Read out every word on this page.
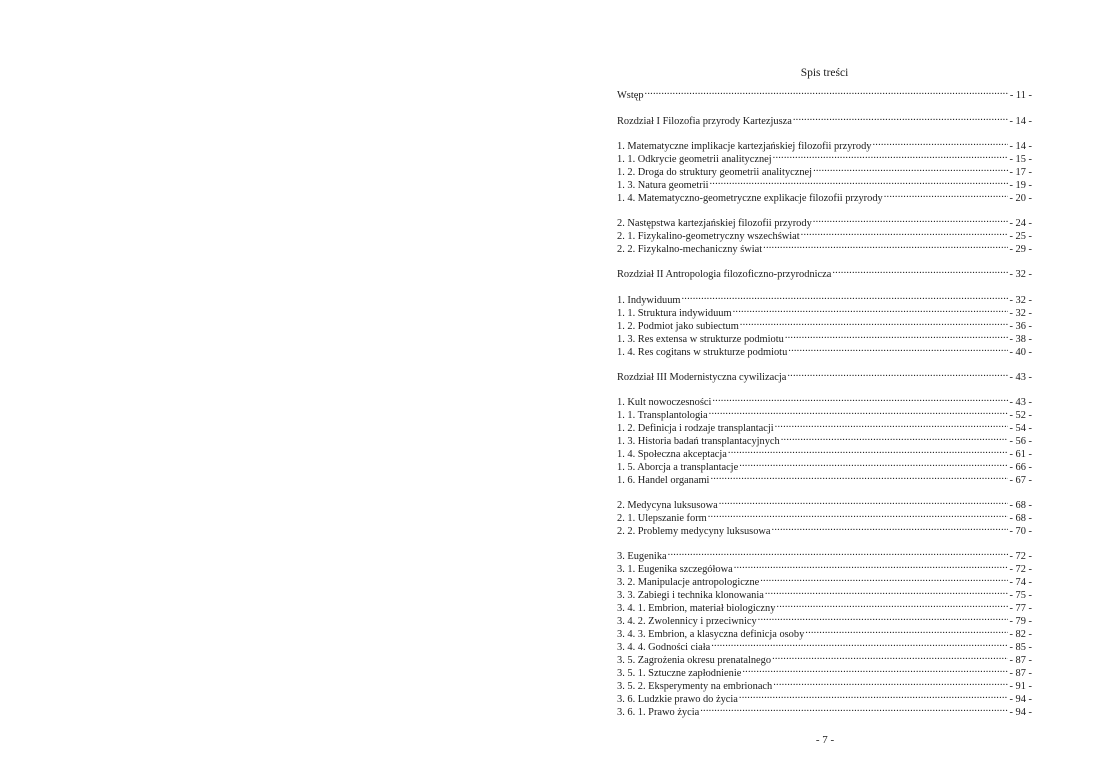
Spis treści
Wstęp .....	- 11 -
Rozdział I Filozofia przyrody Kartezjusza .....	- 14 -
1. Matematyczne implikacje kartezjańskiej filozofii przyrody .....	- 14 -
1. 1. Odkrycie geometrii analitycznej .....	- 15 -
1. 2. Droga do struktury geometrii analitycznej .....	- 17 -
1. 3. Natura geometrii .....	- 19 -
1. 4. Matematyczno-geometryczne explikacje filozofii przyrody .....	- 20 -
2. Następstwa kartezjańskiej filozofii przyrody .....	- 24 -
2. 1. Fizykalino-geometryczny wszechświat .....	- 25 -
2. 2. Fizykalno-mechaniczny świat .....	- 29 -
Rozdział II Antropologia filozoficzno-przyrodnicza .....	- 32 -
1. Indywiduum .....	- 32 -
1. 1. Struktura indywiduum .....	- 32 -
1. 2. Podmiot jako subiectum .....	- 36 -
1. 3. Res extensa w strukturze podmiotu .....	- 38 -
1. 4. Res cogitans w strukturze podmiotu .....	- 40 -
Rozdział III Modernistyczna cywilizacja .....	- 43 -
1. Kult nowoczesności .....	- 43 -
1. 1. Transplantologia .....	- 52 -
1. 2. Definicja i rodzaje transplantacji .....	- 54 -
1. 3. Historia badań transplantacyjnych .....	- 56 -
1. 4. Społeczna akceptacja .....	- 61 -
1. 5. Aborcja a transplantacje .....	- 66 -
1. 6. Handel organami .....	- 67 -
2. Medycyna luksusowa .....	- 68 -
2. 1. Ulepszanie form .....	- 68 -
2. 2. Problemy medycyny luksusowa .....	- 70 -
3. Eugenika .....	- 72 -
3. 1. Eugenika szczegółowa .....	- 72 -
3. 2. Manipulacje antropologiczne .....	- 74 -
3. 3. Zabiegi i technika klonowania .....	- 75 -
3. 4. 1. Embrion, materiał biologiczny .....	- 77 -
3. 4. 2. Zwolennicy i przeciwnicy .....	- 79 -
3. 4. 3. Embrion, a klasyczna definicja osoby .....	- 82 -
3. 4. 4. Godności ciała .....	- 85 -
3. 5. Zagrożenia okresu prenatalnego .....	- 87 -
3. 5. 1. Sztuczne zapłodnienie .....	- 87 -
3. 5. 2. Eksperymenty na embrionach .....	- 91 -
3. 6. Ludzkie prawo do życia .....	- 94 -
3. 6. 1. Prawo życia .....	- 94 -
- 7 -
